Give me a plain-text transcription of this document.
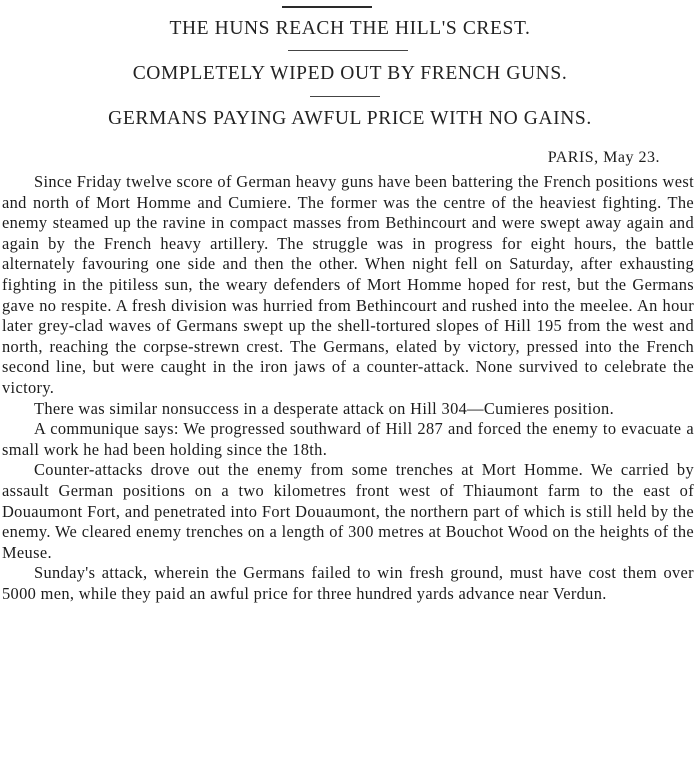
THE HUNS REACH THE HILL'S CREST.
COMPLETELY WIPED OUT BY FRENCH GUNS.
GERMANS PAYING AWFUL PRICE WITH NO GAINS.
PARIS, May 23.

Since Friday twelve score of German heavy guns have been battering the French positions west and north of Mort Homme and Cumiere. The former was the centre of the heaviest fighting. The enemy steamed up the ravine in compact masses from Bethincourt and were swept away again and again by the French heavy artillery. The struggle was in progress for eight hours, the battle alternately favouring one side and then the other. When night fell on Saturday, after exhausting fighting in the pitiless sun, the weary defenders of Mort Homme hoped for rest, but the Germans gave no respite. A fresh division was hurried from Bethincourt and rushed into the meelee. An hour later grey-clad waves of Germans swept up the shell-tortured slopes of Hill 195 from the west and north, reaching the corpse-strewn crest. The Germans, elated by victory, pressed into the French second line, but were caught in the iron jaws of a counter-attack. None survived to celebrate the victory.

There was similar nonsuccess in a desperate attack on Hill 304—Cumieres position.

A communique says: We progressed southward of Hill 287 and forced the enemy to evacuate a small work he had been holding since the 18th.

Counter-attacks drove out the enemy from some trenches at Mort Homme. We carried by assault German positions on a two kilometres front west of Thiaumont farm to the east of Douaumont Fort, and penetrated into Fort Douaumont, the northern part of which is still held by the enemy. We cleared enemy trenches on a length of 300 metres at Bouchot Wood on the heights of the Meuse.

Sunday's attack, wherein the Germans failed to win fresh ground, must have cost them over 5000 men, while they paid an awful price for three hundred yards advance near Verdun.
